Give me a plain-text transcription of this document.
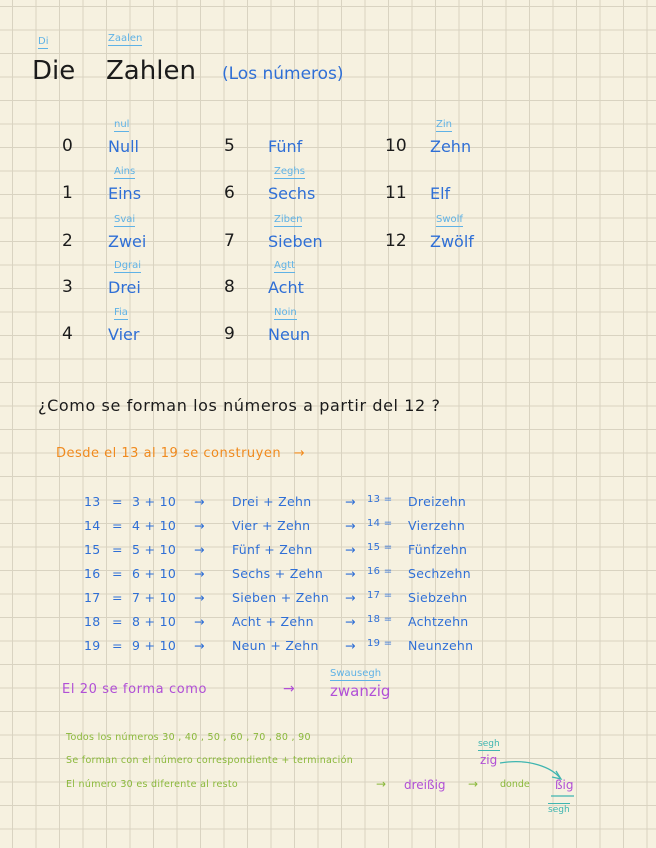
Di	Zaalen
Die Zahlen (Los números)
0 Null
nul
1 Eins
Ains
2 Zwei
Svai
3 Drei
Dgrai
4 Vier
Fia
5 Fünf
6 Sechs
Zeghs
7 Sieben
Ziben
8 Acht
Agtt
9 Neun
Noin
10 Zehn
Zin
11 Elf
12 Zwölf
Swolf
¿Como se forman los números a partir del 12 ?
Desde el 13 al 19 se construyen →
13 = 3 + 10 → Drei + Zehn	→ 13 = Dreizehn
14 = 4 + 10 → Vier + Zehn	→ 14 = Vierzehn
15 = 5 + 10 → Fünf + Zehn	→ 15 = Fünfzehn
16 = 6 + 10 → Sechs + Zehn → 16 = Sechzehn
17 = 7 + 10 → Sieben + Zehn → 17 = Siebzehn
18 = 8 + 10 → Acht + Zehn → 18 = Achtzehn
19 = 9 + 10 → Neun + Zehn → 19 = Neunzehn
El 20 se forma como	→
Swausegh
zwanzig
Todos los números 30 , 40 , 50 , 60 , 70 , 80 , 90
Se forman con el número correspondiente + terminación
segh
zig
El número 30 es diferente al resto	→ dreißig → donde ßig
segh
